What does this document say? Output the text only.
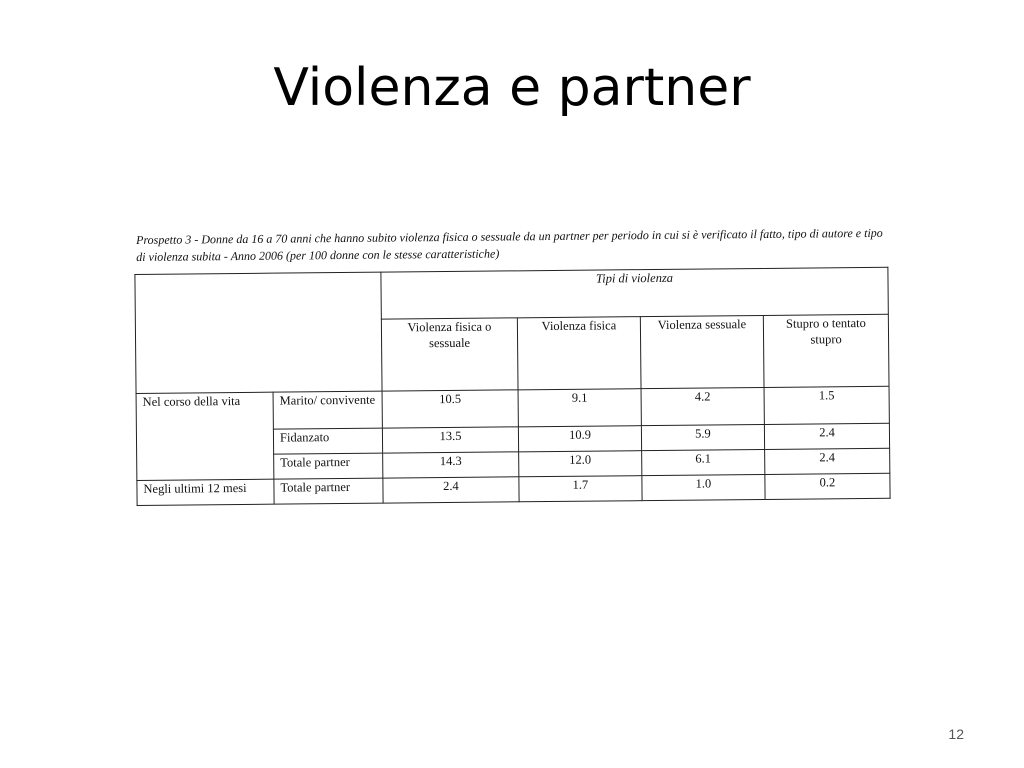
Violenza e partner
Prospetto 3 - Donne da 16 a 70 anni che hanno subito violenza fisica o sessuale da un partner per periodo in cui si è verificato il fatto, tipo di autore e tipo di violenza subita - Anno 2006 (per 100 donne con le stesse caratteristiche)
		Tipi di violenza			
		Violenza fisica o sessuale	Violenza fisica	Violenza sessuale	Stupro o tentato stupro
Nel corso della vita	Marito/ convivente	10.5	9.1	4.2	1.5
	Fidanzato	13.5	10.9	5.9	2.4
	Totale partner	14.3	12.0	6.1	2.4
Negli ultimi 12 mesi	Totale partner	2.4	1.7	1.0	0.2
12
